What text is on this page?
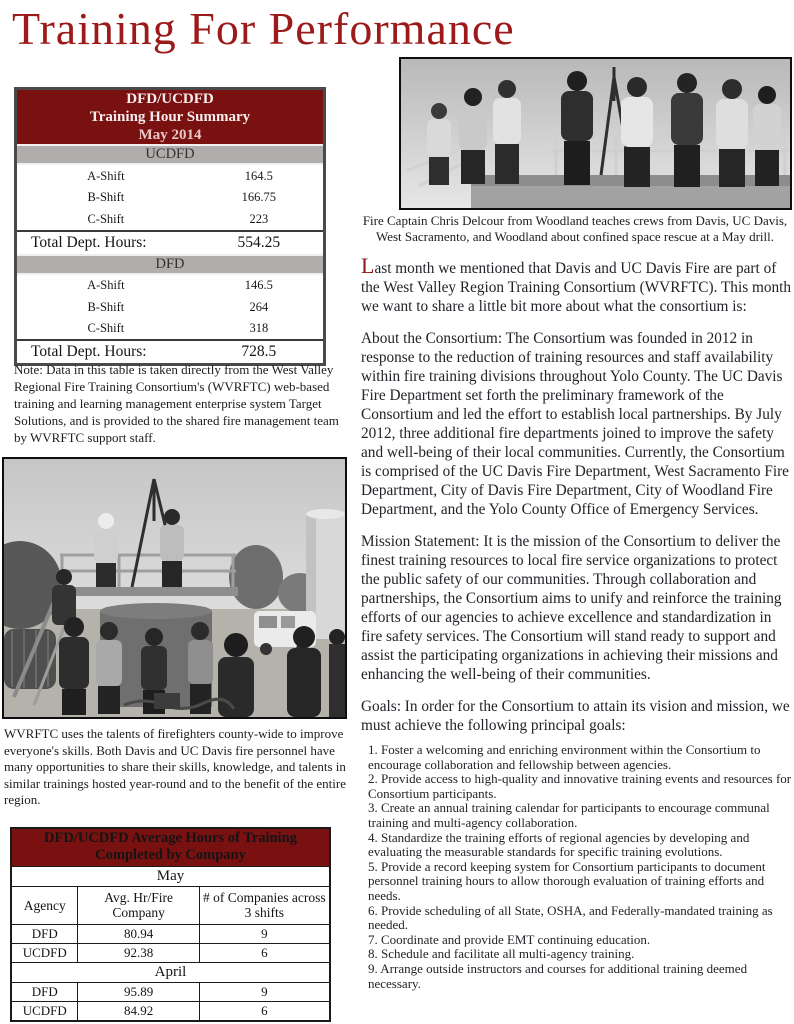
Training For Performance
DFD/UCDFD
Training Hour Summary
May 2014	

UCDFD	
A-Shift	164.5
B-Shift	166.75
C-Shift	223
Total Dept. Hours:	554.25
DFD	
A-Shift	146.5
B-Shift	264
C-Shift	318
Total Dept. Hours:	728.5

Note: Data in this table is taken directly from the West Valley Regional Fire Training Consortium's (WVRFTC) web-based training and learning management enterprise system Target Solutions, and is provided to the shared fire management team by WVRFTC support staff.

Fire Captain Chris Delcour from Woodland teaches crews from Davis, UC Davis, West Sacramento, and Woodland about confined space rescue at a May drill.

WVRFTC uses the talents of firefighters county-wide to improve everyone's skills. Both Davis and UC Davis fire personnel have many opportunities to share their skills, knowledge, and talents in similar trainings hosted year-round and to the benefit of the entire region.

DFD/UCDFD Average Hours of Training
Completed by Company		

May		
Agency	Avg. Hr/Fire Company	# of Companies across 3 shifts
DFD	80.94	9
UCDFD	92.38	6
April		
DFD	95.89	9
UCDFD	84.92	6

Last month we mentioned that Davis and UC Davis Fire are part of the West Valley Region Training Consortium (WVRFTC). This month we want to share a little bit more about what the consortium is:

About the Consortium: The Consortium was founded in 2012 in response to the reduction of training resources and staff availability within fire training divisions throughout Yolo County. The UC Davis Fire Department set forth the preliminary framework of the Consortium and led the effort to establish local partnerships. By July 2012, three additional fire departments joined to improve the safety and well-being of their local communities. Currently, the Consortium is comprised of the UC Davis Fire Department, West Sacramento Fire Department, City of Davis Fire Department, City of Woodland Fire Department, and the Yolo County Office of Emergency Services.

Mission Statement: It is the mission of the Consortium to deliver the finest training resources to local fire service organizations to protect the public safety of our communities. Through collaboration and partnerships, the Consortium aims to unify and reinforce the training efforts of our agencies to achieve excellence and standardization in fire safety services. The Consortium will stand ready to support and assist the participating organizations in achieving their missions and enhancing the well-being of their communities.

Goals: In order for the Consortium to attain its vision and mission, we must achieve the following principal goals:

1. Foster a welcoming and enriching environment within the Consortium to encourage collaboration and fellowship between agencies.
2. Provide access to high-quality and innovative training events and resources for Consortium participants.
3. Create an annual training calendar for participants to encourage communal training and multi-agency collaboration.
4. Standardize the training efforts of regional agencies by developing and evaluating the measurable standards for specific training evolutions.
5. Provide a record keeping system for Consortium participants to document personnel training hours to allow thorough evaluation of training efforts and needs.
6. Provide scheduling of all State, OSHA, and Federally-mandated training as needed.
7. Coordinate and provide EMT continuing education.
8. Schedule and facilitate all multi-agency training.
9. Arrange outside instructors and courses for additional training deemed necessary.
